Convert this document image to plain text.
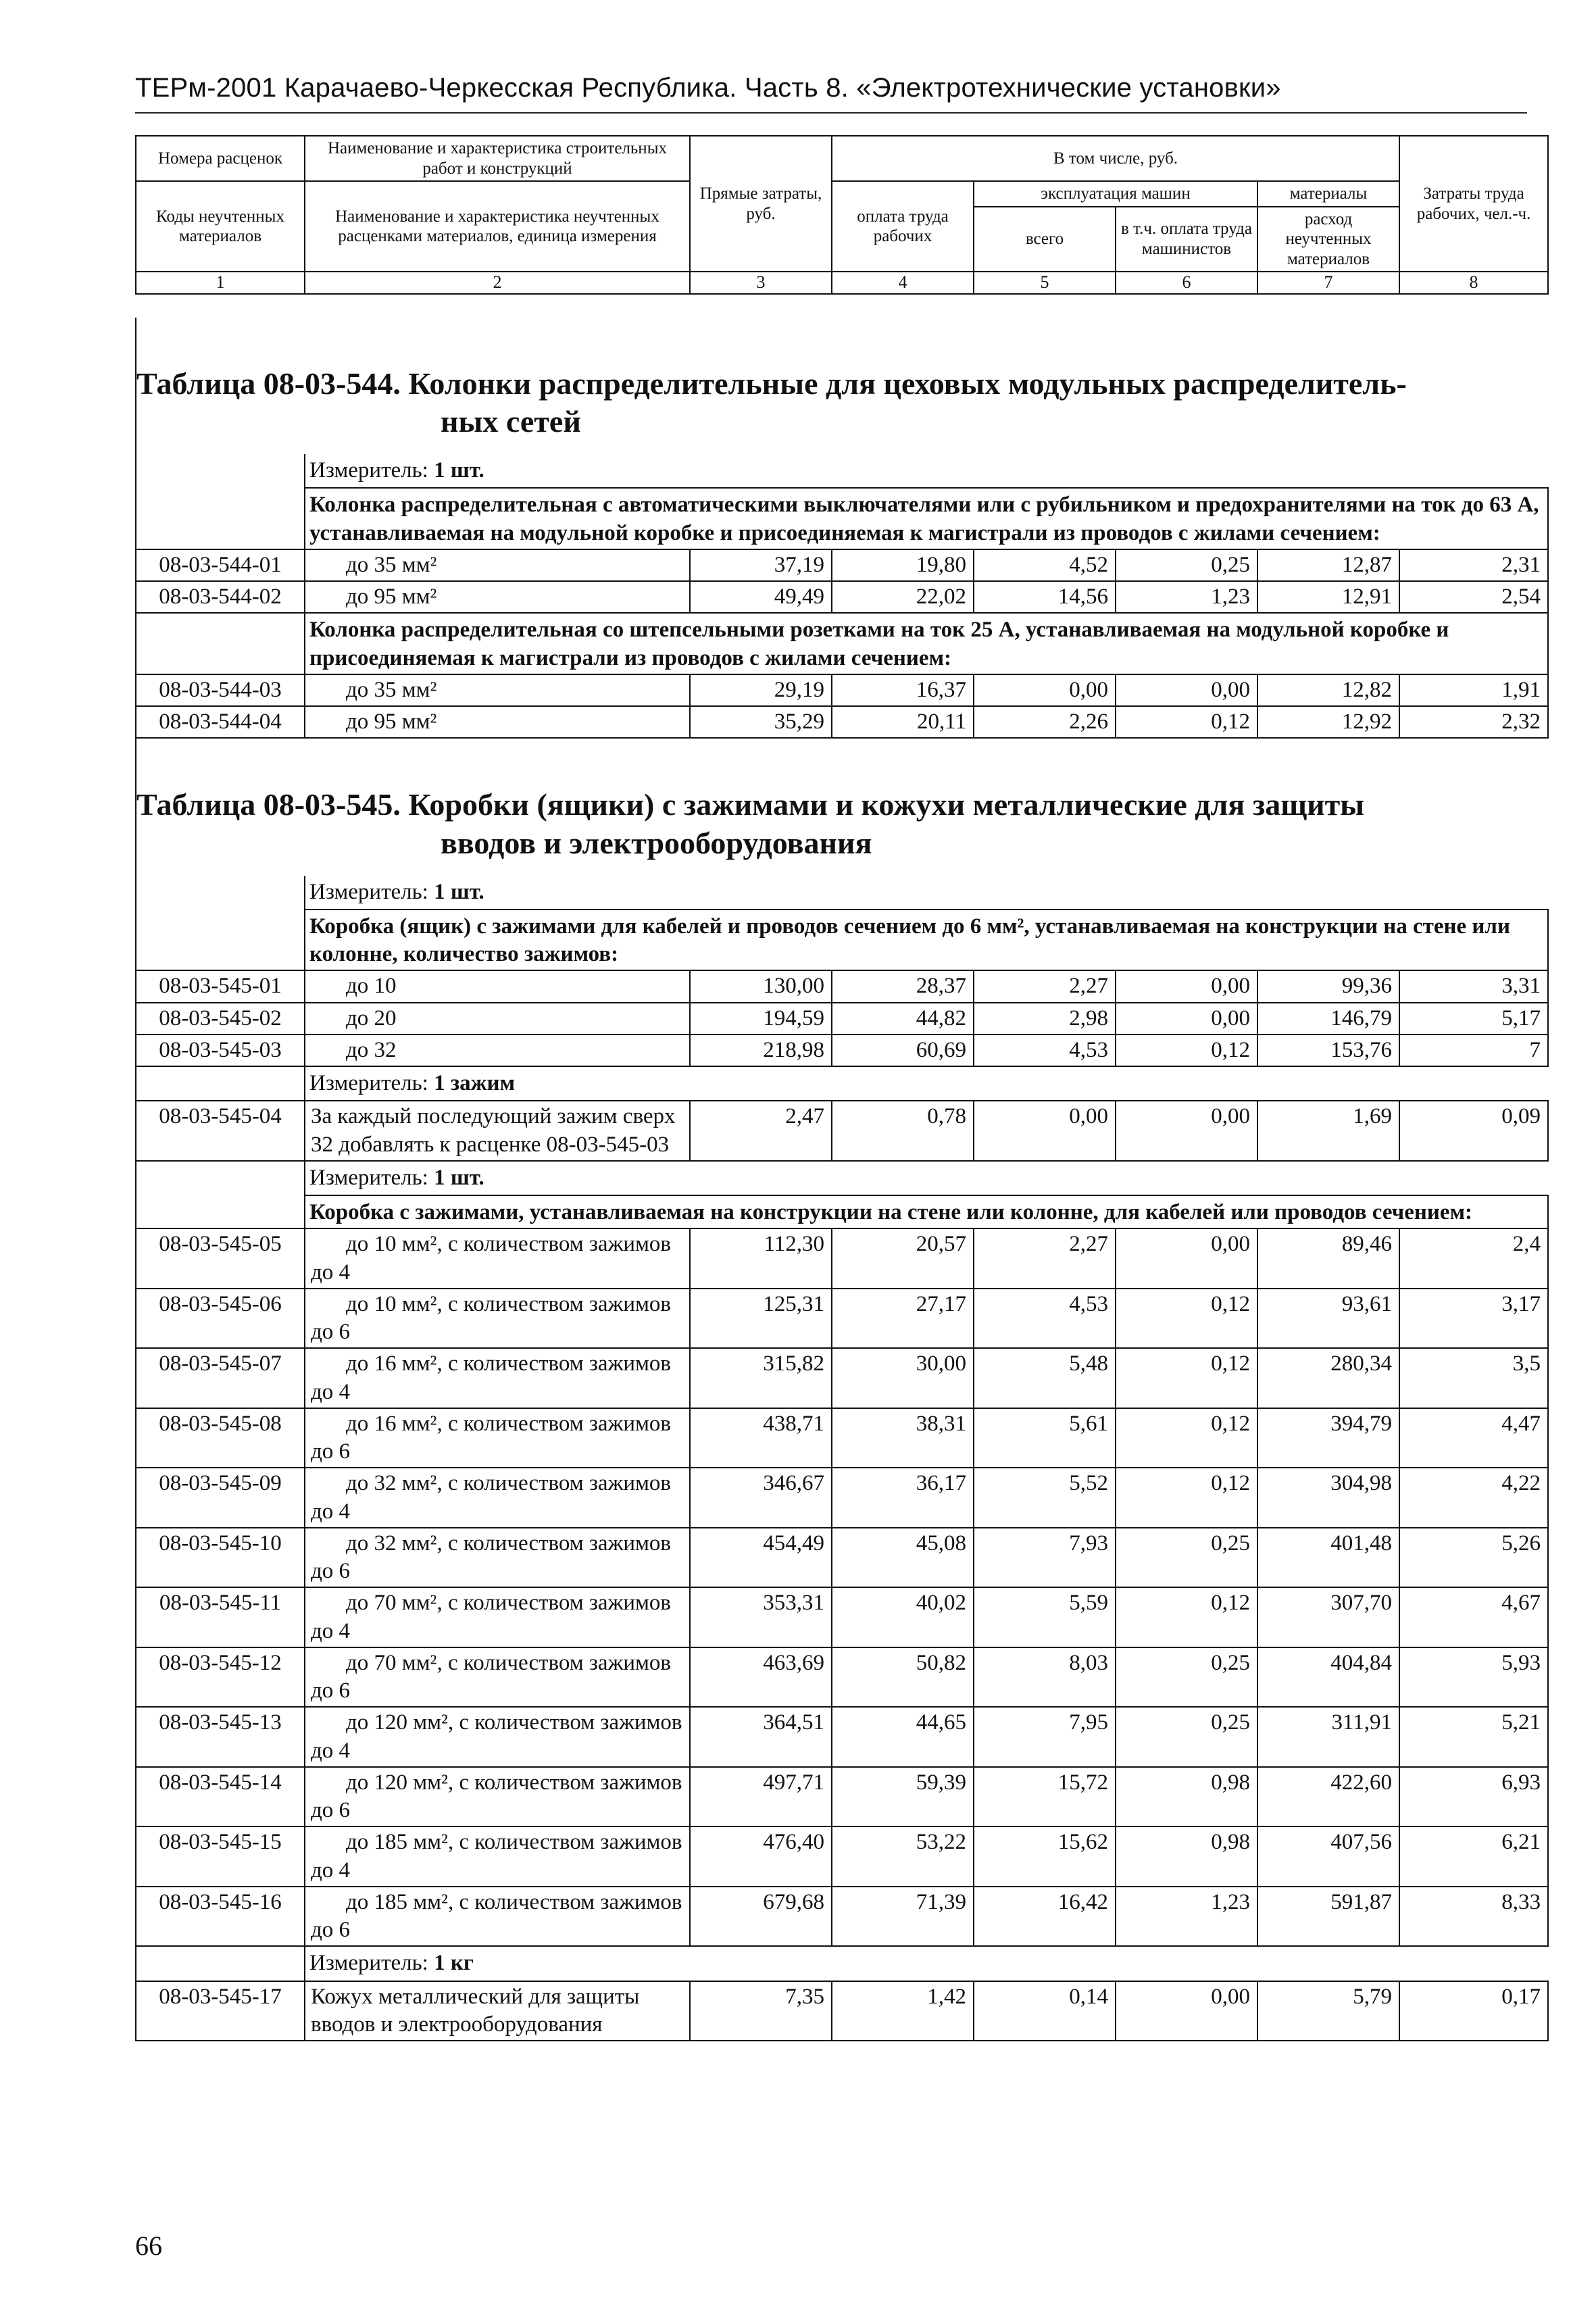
ТЕРм-2001 Карачаево-Черкесская Республика. Часть 8. «Электротехнические установки»
Номера расценок	Наименование и характеристика строительных работ и конструкций	Прямые затраты, руб.	В том числе, руб.				Затраты труда рабочих, чел.-ч.
Коды неучтенных материалов	Наименование и характеристика неучтенных расценками материалов, единица измерения		оплата труда рабочих	эксплуатация машин		материалы	
				всего	в т.ч. оплата труда машинистов	расход неучтенных материалов	
1	2	3	4	5	6	7	8
Таблица 08-03-544. Колонки распределительные для цеховых модульных распределитель-
ных сетей							

	Измеритель: 1 шт.						
	Колонка распределительная с автоматическими выключателями или с рубильником и предохранителями на ток до 63 А, устанавливаемая на модульной коробке и присоединяемая к магистрали из проводов с жилами сечением:						
08-03-544-01	до 35 мм²	37,19	19,80	4,52	0,25	12,87	2,31
08-03-544-02	до 95 мм²	49,49	22,02	14,56	1,23	12,91	2,54
	Колонка распределительная со штепсельными розетками на ток 25 А, устанавливаемая на модульной коробке и присоединяемая к магистрали из проводов с жилами сечением:						
08-03-544-03	до 35 мм²	29,19	16,37	0,00	0,00	12,82	1,91
08-03-544-04	до 95 мм²	35,29	20,11	2,26	0,12	12,92	2,32

Таблица 08-03-545. Коробки (ящики) с зажимами и кожухи металлические для защиты
вводов и электрооборудования							

	Измеритель: 1 шт.						
	Коробка (ящик) с зажимами для кабелей и проводов сечением до 6 мм², устанавливаемая на конструкции на стене или колонне, количество зажимов:						
08-03-545-01	до 10	130,00	28,37	2,27	0,00	99,36	3,31
08-03-545-02	до 20	194,59	44,82	2,98	0,00	146,79	5,17
08-03-545-03	до 32	218,98	60,69	4,53	0,12	153,76	7
	Измеритель: 1 зажим						
08-03-545-04	За каждый последующий зажим сверх 32 добавлять к расценке 08-03-545-03	2,47	0,78	0,00	0,00	1,69	0,09
	Измеритель: 1 шт.						
	Коробка с зажимами, устанавливаемая на конструкции на стене или колонне, для кабелей или проводов сечением:						
08-03-545-05	до 10 мм², с количеством зажимов до 4	112,30	20,57	2,27	0,00	89,46	2,4
08-03-545-06	до 10 мм², с количеством зажимов до 6	125,31	27,17	4,53	0,12	93,61	3,17
08-03-545-07	до 16 мм², с количеством зажимов до 4	315,82	30,00	5,48	0,12	280,34	3,5
08-03-545-08	до 16 мм², с количеством зажимов до 6	438,71	38,31	5,61	0,12	394,79	4,47
08-03-545-09	до 32 мм², с количеством зажимов до 4	346,67	36,17	5,52	0,12	304,98	4,22
08-03-545-10	до 32 мм², с количеством зажимов до 6	454,49	45,08	7,93	0,25	401,48	5,26
08-03-545-11	до 70 мм², с количеством зажимов до 4	353,31	40,02	5,59	0,12	307,70	4,67
08-03-545-12	до 70 мм², с количеством зажимов до 6	463,69	50,82	8,03	0,25	404,84	5,93
08-03-545-13	до 120 мм², с количеством зажимов до 4	364,51	44,65	7,95	0,25	311,91	5,21
08-03-545-14	до 120 мм², с количеством зажимов до 6	497,71	59,39	15,72	0,98	422,60	6,93
08-03-545-15	до 185 мм², с количеством зажимов до 4	476,40	53,22	15,62	0,98	407,56	6,21
08-03-545-16	до 185 мм², с количеством зажимов до 6	679,68	71,39	16,42	1,23	591,87	8,33
	Измеритель: 1 кг						
08-03-545-17	Кожух металлический для защиты вводов и электрооборудования	7,35	1,42	0,14	0,00	5,79	0,17
66
